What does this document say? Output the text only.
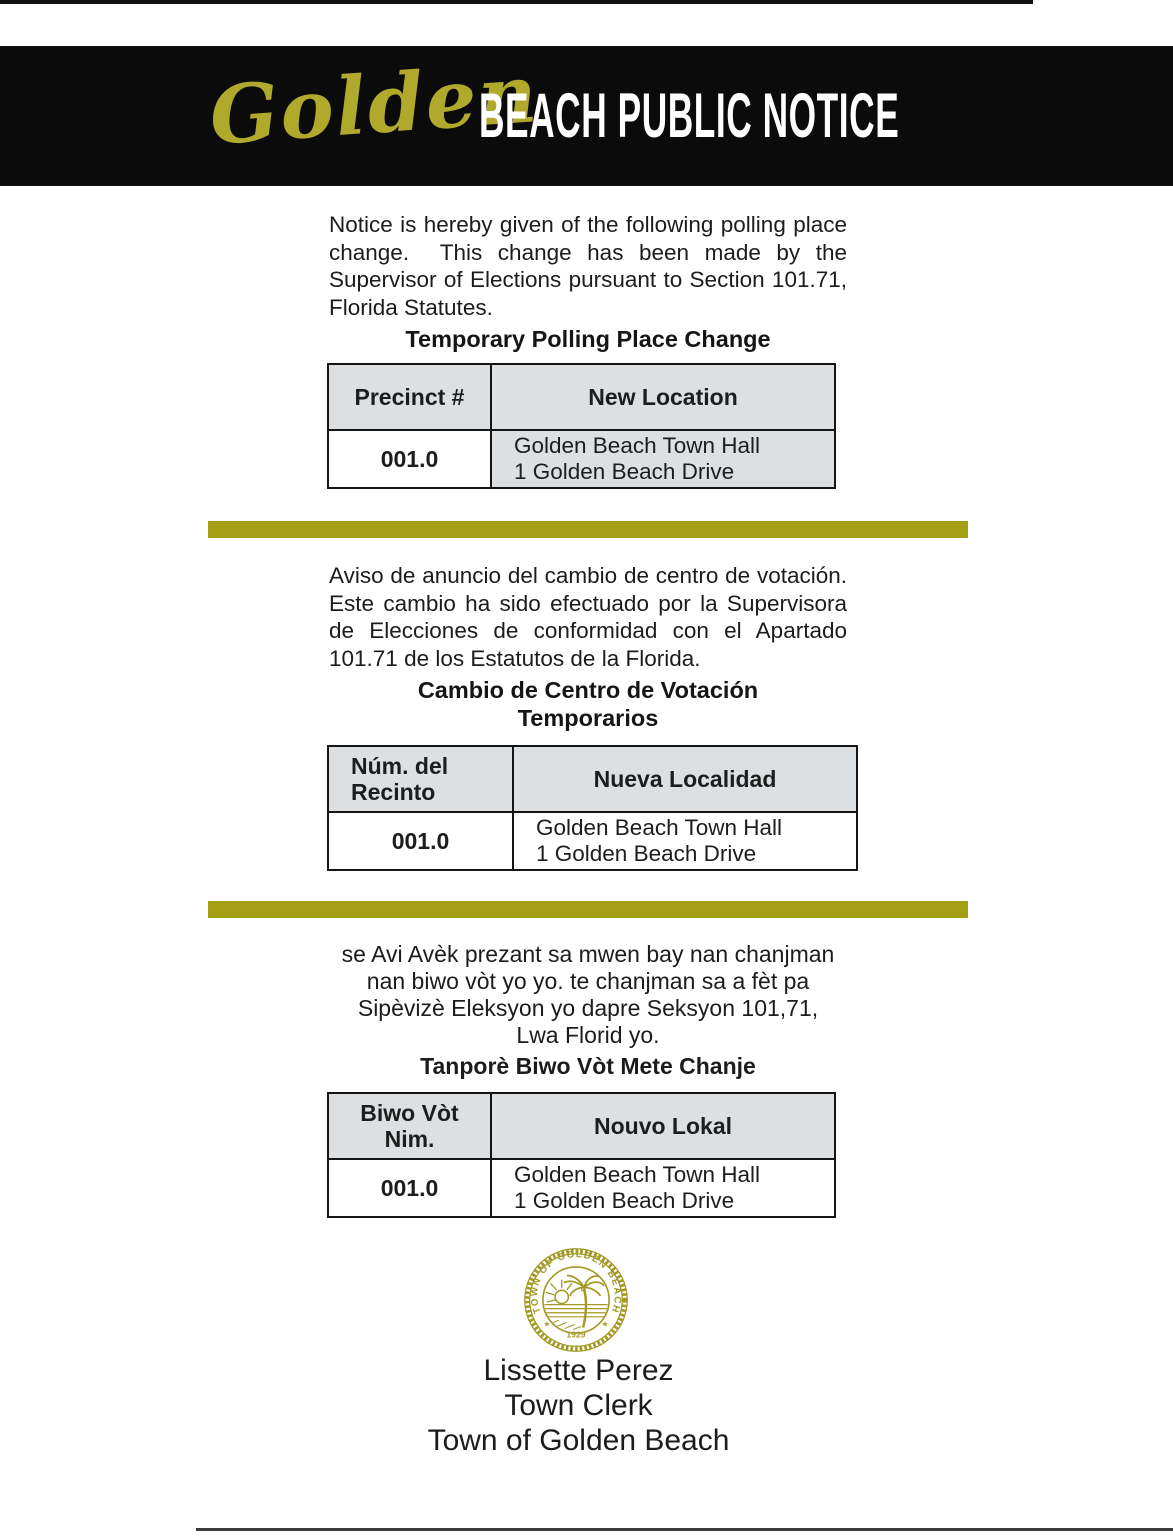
Golden
BEACH PUBLIC NOTICE
Notice is hereby given of the following polling place change.  This change has been made by the Supervisor of Elections pursuant to Section 101.71, Florida Statutes.
Temporary Polling Place Change
Precinct #	New Location
001.0	Golden Beach Town Hall
1 Golden Beach Drive
Aviso de anuncio del cambio de centro de votación. Este cambio ha sido efectuado por la Supervisora de Elecciones de conformidad con el Apartado 101.71 de los Estatutos de la Florida.
Cambio de Centro de Votación
Temporarios
Núm. del
Recinto	Nueva Localidad
001.0	Golden Beach Town Hall
1 Golden Beach Drive
se Avi Avèk prezant sa mwen bay nan chanjman
nan biwo vòt yo yo. te chanjman sa a fèt pa
Sipèvizè Eleksyon yo dapre Seksyon 101,71,
Lwa Florid yo.
Tanporè Biwo Vòt Mete Chanje
Biwo Vòt
Nim.	Nouvo Lokal
001.0	Golden Beach Town Hall
1 Golden Beach Drive
TOWN OF GOLDEN BEACH
★	★
1929
Lissette Perez
Town Clerk
Town of Golden Beach
